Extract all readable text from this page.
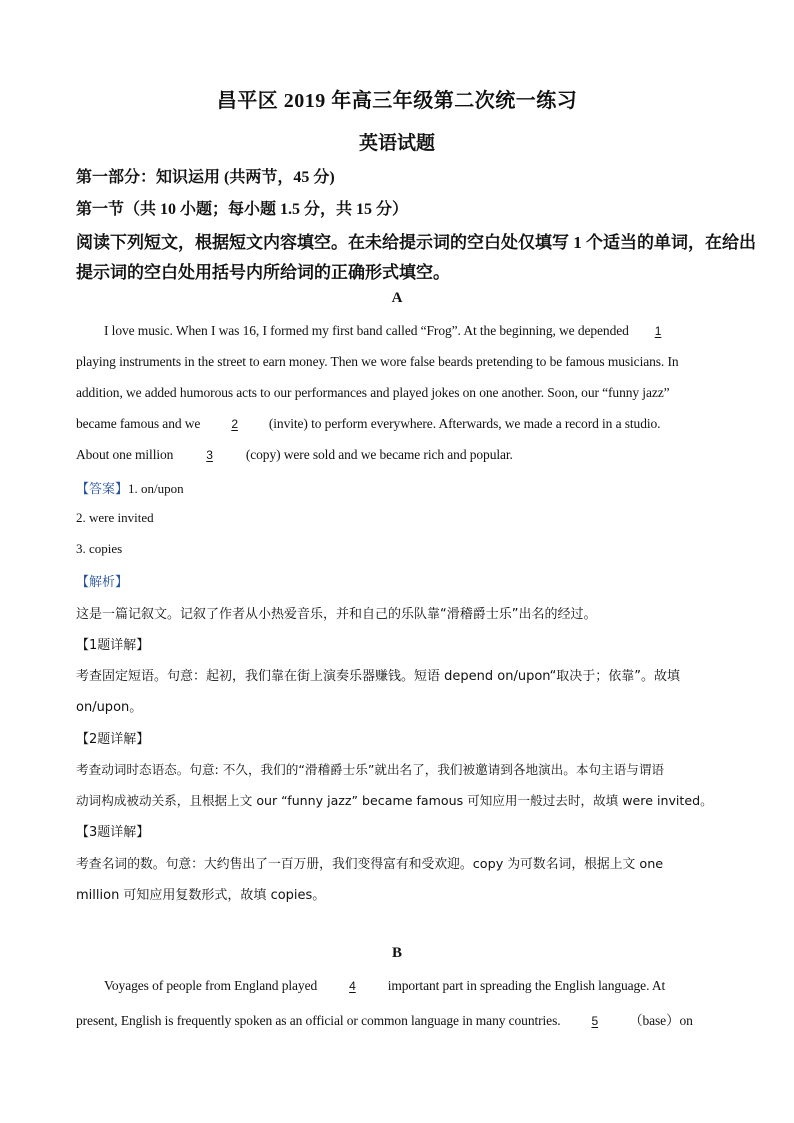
昌平区 2019 年高三年级第二次统一练习
英语试题
第一部分：知识运用 (共两节，45 分)
第一节（共 10 小题；每小题 1.5 分，共 15 分）
阅读下列短文，根据短文内容填空。在未给提示词的空白处仅填写 1 个适当的单词，在给出
提示词的空白处用括号内所给词的正确形式填空。
A
I love music. When I was 16, I formed my first band called “Frog”. At the beginning, we depended 1
playing instruments in the street to earn money. Then we wore false beards pretending to be famous musicians. In
addition, we added humorous acts to our performances and played jokes on one another. Soon, our “funny jazz”
became famous and we	2 (invite) to perform everywhere. Afterwards, we made a record in a studio.
About one million	3 (copy) were sold and we became rich and popular.
【答案】1. on/upon
2. were invited
3. copies
【解析】
这是一篇记叙文。记叙了作者从小热爱音乐，并和自己的乐队靠“滑稽爵士乐”出名的经过。
【1题详解】
考查固定短语。句意：起初，我们靠在街上演奏乐器赚钱。短语 depend on/upon“取决于；依靠”。故填
on/upon。
【2题详解】
考查动词时态语态。句意: 不久，我们的“滑稽爵士乐”就出名了，我们被邀请到各地演出。本句主语与谓语
动词构成被动关系，且根据上文 our “funny jazz” became famous 可知应用一般过去时，故填 were invited。
【3题详解】
考查名词的数。句意：大约售出了一百万册，我们变得富有和受欢迎。copy 为可数名词，根据上文 one
million 可知应用复数形式，故填 copies。
B
Voyages of people from England played	4 important part in spreading the English language. At
present, English is frequently spoken as an official or common language in many countries.	5 （base）on
